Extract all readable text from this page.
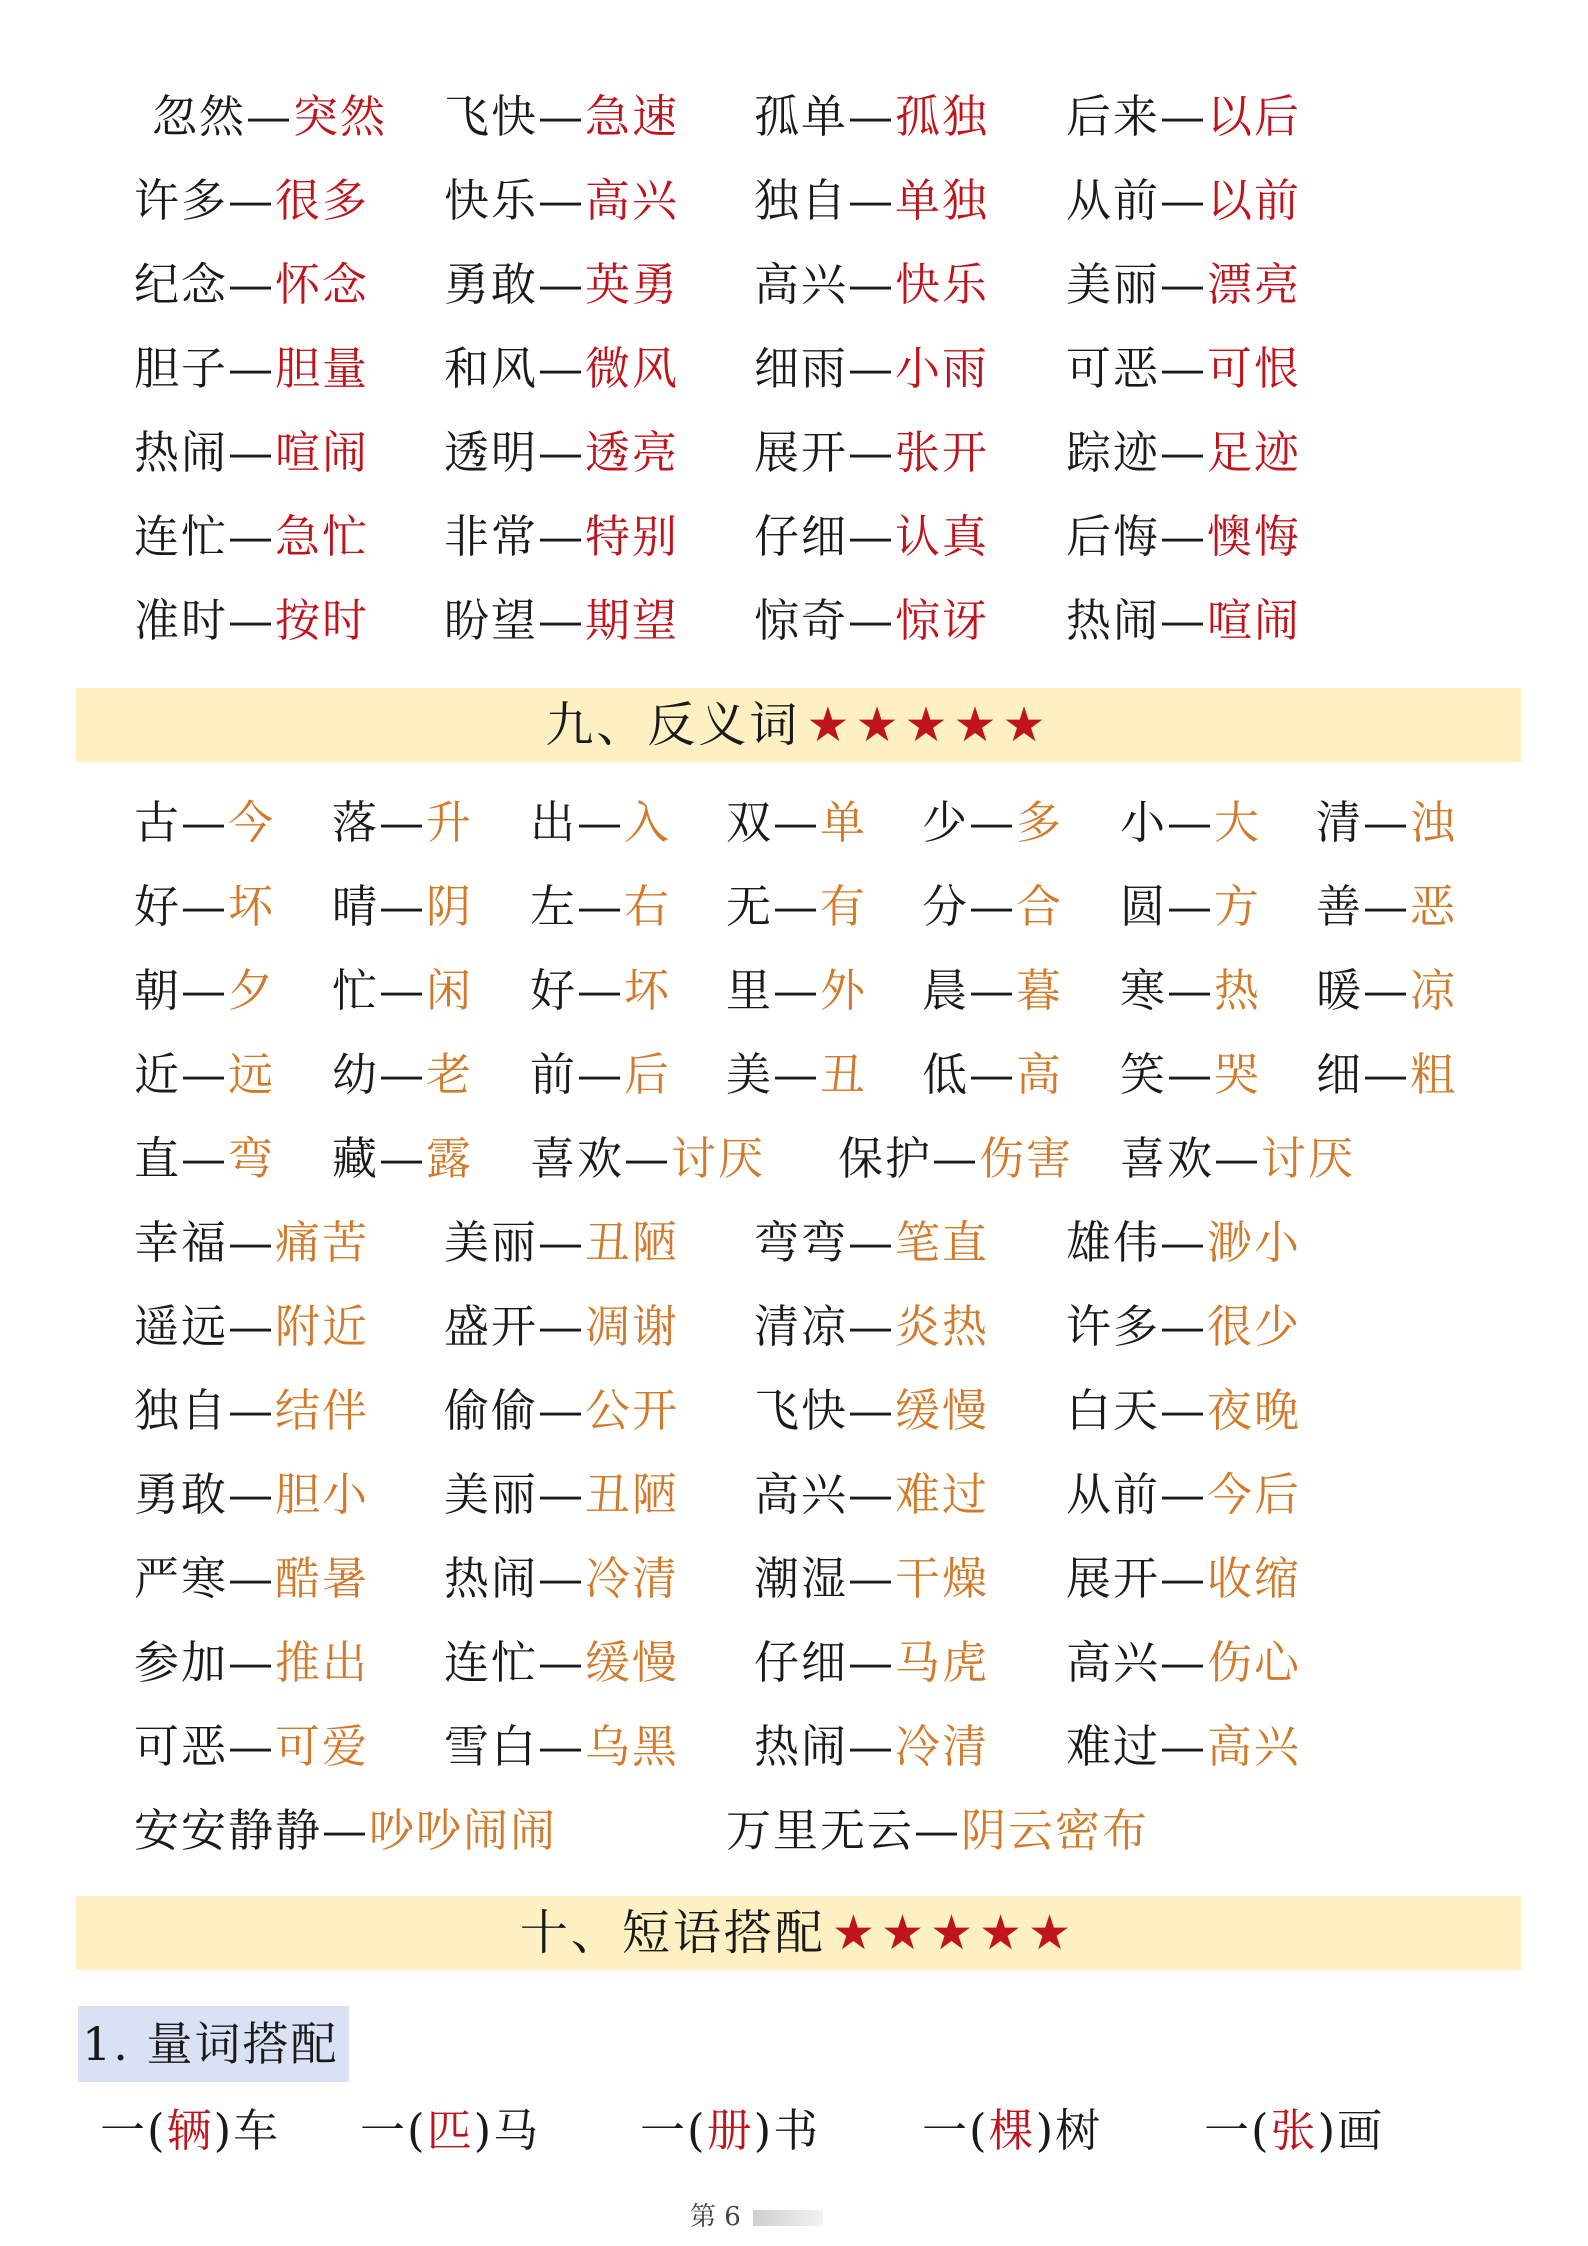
忽然—突然 飞快—急速 孤单—孤独 后来—以后
许多—很多 快乐—高兴 独自—单独 从前—以前
纪念—怀念 勇敢—英勇 高兴—快乐 美丽—漂亮
胆子—胆量 和风—微风 细雨—小雨 可恶—可恨
热闹—喧闹 透明—透亮 展开—张开 踪迹—足迹
连忙—急忙 非常—特别 仔细—认真 后悔—懊悔
准时—按时 盼望—期望 惊奇—惊讶 热闹—喧闹
九、反义词 ★★★★★
古—今 落—升 出—入 双—单 少—多 小—大 清—浊
好—坏 晴—阴 左—右 无—有 分—合 圆—方 善—恶
朝—夕 忙—闲 好—坏 里—外 晨—暮 寒—热 暖—凉
近—远 幼—老 前—后 美—丑 低—高 笑—哭 细—粗
直—弯 藏—露 喜欢—讨厌 保护—伤害 喜欢—讨厌
幸福—痛苦 美丽—丑陋 弯弯—笔直 雄伟—渺小
遥远—附近 盛开—凋谢 清凉—炎热 许多—很少
独自—结伴 偷偷—公开 飞快—缓慢 白天—夜晚
勇敢—胆小 美丽—丑陋 高兴—难过 从前—今后
严寒—酷暑 热闹—冷清 潮湿—干燥 展开—收缩
参加—推出 连忙—缓慢 仔细—马虎 高兴—伤心
可恶—可爱 雪白—乌黑 热闹—冷清 难过—高兴
安安静静—吵吵闹闹	万里无云—阴云密布
十、短语搭配 ★★★★★
1. 量词搭配
一(辆)车 一(匹)马 一(册)书 一(棵)树 一(张)画
第 6
